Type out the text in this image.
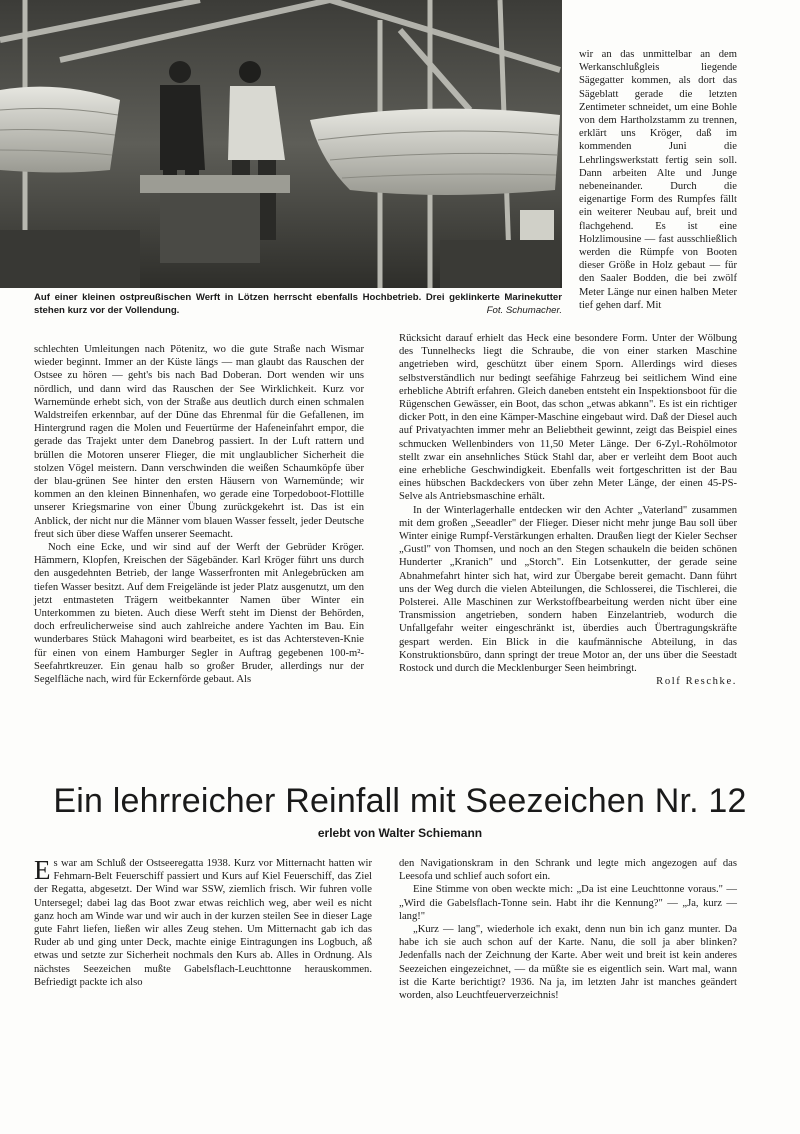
Auf einer kleinen ostpreußischen Werft in Lötzen herrscht ebenfalls Hochbetrieb. Drei geklinkerte Marinekutter stehen kurz vor der Vollendung.	Fot. Schumacher.
wir an das unmittelbar an dem Werkanschlußgleis liegende Sägegatter kommen, als dort das Sägeblatt gerade die letzten Zentimeter schneidet, um eine Bohle von dem Hartholzstamm zu trennen, erklärt uns Kröger, daß im kommenden Juni die Lehrlingswerkstatt fertig sein soll. Dann arbeiten Alte und Junge nebeneinander. Durch die eigenartige Form des Rumpfes fällt ein weiterer Neubau auf, breit und flachgehend. Es ist eine Holzlimousine — fast ausschließlich werden die Rümpfe von Booten dieser Größe in Holz gebaut — für den Saaler Bodden, die bei zwölf Meter Länge nur einen halben Meter tief gehen darf. Mit

schlechten Umleitungen nach Pötenitz, wo die gute Straße nach Wismar wieder beginnt. Immer an der Küste längs — man glaubt das Rauschen der Ostsee zu hören — geht's bis nach Bad Doberan. Dort wenden wir uns nördlich, und dann wird das Rauschen der See Wirklichkeit. Kurz vor Warnemünde erhebt sich, von der Straße aus deutlich durch einen schmalen Waldstreifen erkennbar, auf der Düne das Ehrenmal für die Gefallenen, im Hintergrund ragen die Molen und Feuertürme der Hafeneinfahrt empor, die gerade das Trajekt unter dem Danebrog passiert. In der Luft rattern und brüllen die Motoren unserer Flieger, die mit unglaublicher Sicherheit die stolzen Vögel meistern. Dann verschwinden die weißen Schaumköpfe über der blau-grünen See hinter den ersten Häusern von Warnemünde; wir kommen an den kleinen Binnenhafen, wo gerade eine Torpedoboot-Flottille unserer Kriegsmarine von einer Übung zurückgekehrt ist. Das ist ein Anblick, der nicht nur die Männer vom blauen Wasser fesselt, jeder Deutsche freut sich über diese Waffen unserer Seemacht.

Noch eine Ecke, und wir sind auf der Werft der Gebrüder Kröger. Hämmern, Klopfen, Kreischen der Sägebänder. Karl Kröger führt uns durch den ausgedehnten Betrieb, der lange Wasserfronten mit Anlegebrücken am tiefen Wasser besitzt. Auf dem Freigelände ist jeder Platz ausgenutzt, um den jetzt entmasteten Trägern weitbekannter Namen über Winter ein Unterkommen zu bieten. Auch diese Werft steht im Dienst der Behörden, doch erfreulicherweise sind auch zahlreiche andere Yachten im Bau. Ein wunderbares Stück Mahagoni wird bearbeitet, es ist das Achtersteven-Knie für einen von einem Hamburger Segler in Auftrag gegebenen 100-m²-Seefahrtkreuzer. Ein genau halb so großer Bruder, allerdings nur der Segelfläche nach, wird für Eckernförde gebaut. Als

Rücksicht darauf erhielt das Heck eine besondere Form. Unter der Wölbung des Tunnelhecks liegt die Schraube, die von einer starken Maschine angetrieben wird, geschützt über einem Sporn. Allerdings wird dieses selbstverständlich nur bedingt seefähige Fahrzeug bei seitlichem Wind eine erhebliche Abtrift erfahren. Gleich daneben entsteht ein Inspektionsboot für die Rügenschen Gewässer, ein Boot, das schon „etwas abkann". Es ist ein richtiger dicker Pott, in den eine Kämper-Maschine eingebaut wird. Daß der Diesel auch auf Privatyachten immer mehr an Beliebtheit gewinnt, zeigt das Beispiel eines schmucken Wellenbinders von 11,50 Meter Länge. Der 6-Zyl.-Rohölmotor stellt zwar ein ansehnliches Stück Stahl dar, aber er verleiht dem Boot auch eine erhebliche Geschwindigkeit. Ebenfalls weit fortgeschritten ist der Bau eines hübschen Backdeckers von über zehn Meter Länge, der einen 45-PS-Selve als Antriebsmaschine erhält.

In der Winterlagerhalle entdecken wir den Achter „Vaterland" zusammen mit dem großen „Seeadler" der Flieger. Dieser nicht mehr junge Bau soll über Winter einige Rumpf-Verstärkungen erhalten. Draußen liegt der Kieler Sechser „Gustl" von Thomsen, und noch an den Stegen schaukeln die beiden schönen Hunderter „Kranich" und „Storch". Ein Lotsenkutter, der gerade seine Abnahmefahrt hinter sich hat, wird zur Übergabe bereit gemacht. Dann führt uns der Weg durch die vielen Abteilungen, die Schlosserei, die Tischlerei, die Polsterei. Alle Maschinen zur Werkstoffbearbeitung werden nicht über eine Transmission angetrieben, sondern haben Einzelantrieb, wodurch die Unfallgefahr weiter eingeschränkt ist, überdies auch Übertragungskräfte gespart werden. Ein Blick in die kaufmännische Abteilung, in das Konstruktionsbüro, dann springt der treue Motor an, der uns über die Seestadt Rostock und durch die Mecklenburger Seen heimbringt.

Rolf Reschke.
Ein lehrreicher Reinfall mit Seezeichen Nr. 12
erlebt von Walter Schiemann

Es war am Schluß der Ostseeregatta 1938. Kurz vor Mitternacht hatten wir Fehmarn-Belt Feuerschiff passiert und Kurs auf Kiel Feuerschiff, das Ziel der Regatta, abgesetzt. Der Wind war SSW, ziemlich frisch. Wir fuhren volle Untersegel; dabei lag das Boot zwar etwas reichlich weg, aber weil es nicht ganz hoch am Winde war und wir auch in der kurzen steilen See in dieser Lage gute Fahrt liefen, ließen wir alles Zeug stehen. Um Mitternacht gab ich das Ruder ab und ging unter Deck, machte einige Eintragungen ins Logbuch, aß etwas und setzte zur Sicherheit nochmals den Kurs ab. Alles in Ordnung. Als nächstes Seezeichen mußte Gabelsflach-Leuchttonne herauskommen. Befriedigt packte ich also

den Navigationskram in den Schrank und legte mich angezogen auf das Leesofa und schlief auch sofort ein.

Eine Stimme von oben weckte mich: „Da ist eine Leuchttonne voraus." — „Wird die Gabelsflach-Tonne sein. Habt ihr die Kennung?" — „Ja, kurz — lang!"

„Kurz — lang", wiederhole ich exakt, denn nun bin ich ganz munter. Da habe ich sie auch schon auf der Karte. Nanu, die soll ja aber blinken? Jedenfalls nach der Zeichnung der Karte. Aber weit und breit ist kein anderes Seezeichen eingezeichnet, — da müßte sie es eigentlich sein. Wart mal, wann ist die Karte berichtigt? 1936. Na ja, im letzten Jahr ist manches geändert worden, also Leuchtfeuerverzeichnis!
